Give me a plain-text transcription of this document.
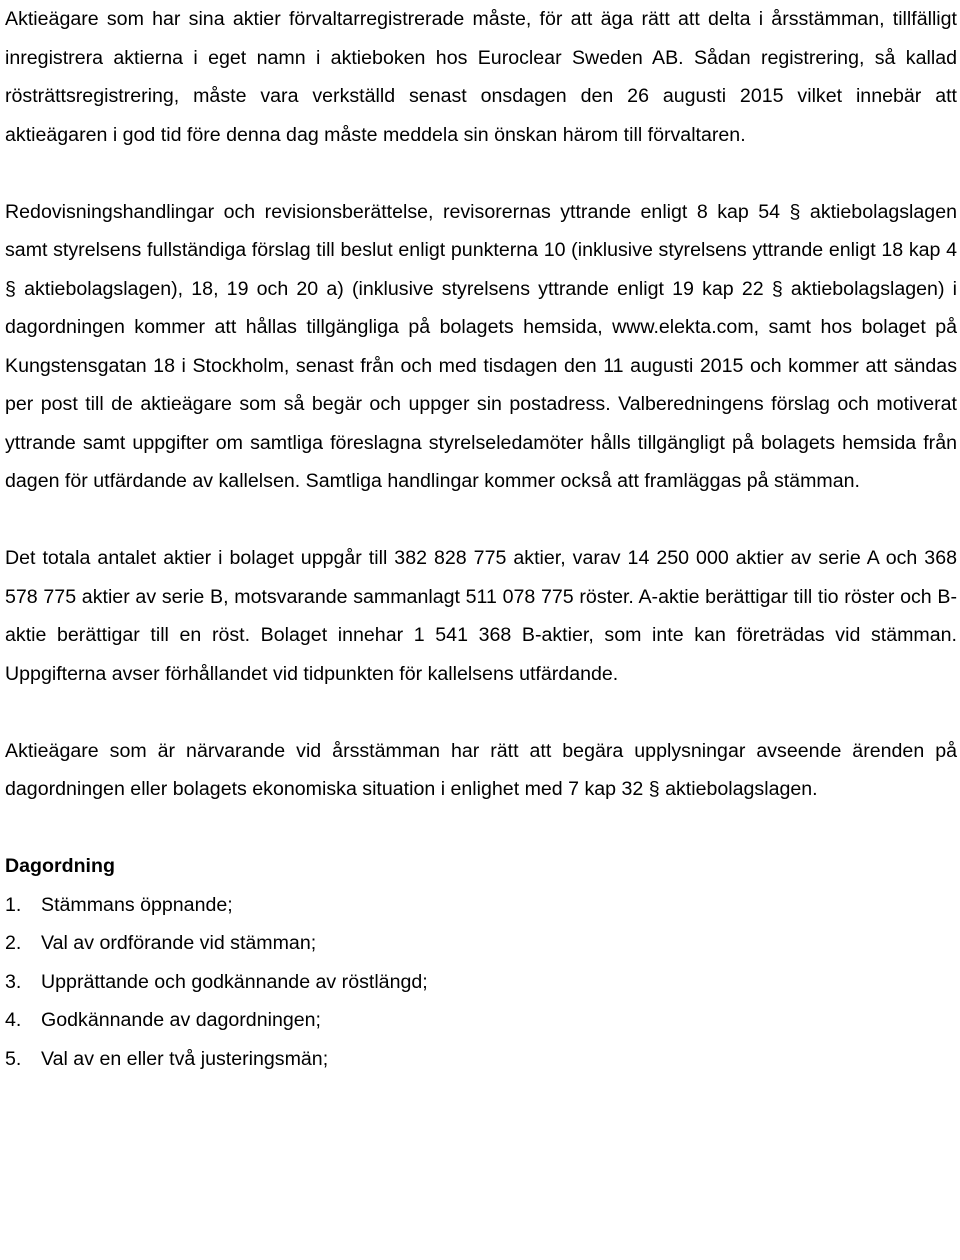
Aktieägare som har sina aktier förvaltarregistrerade måste, för att äga rätt att delta i årsstämman, tillfälligt inregistrera aktierna i eget namn i aktieboken hos Euroclear Sweden AB. Sådan registrering, så kallad rösträttsregistrering, måste vara verkställd senast onsdagen den 26 augusti 2015 vilket innebär att aktieägaren i god tid före denna dag måste meddela sin önskan härom till förvaltaren.

Redovisningshandlingar och revisionsberättelse, revisorernas yttrande enligt 8 kap 54 § aktiebolagslagen samt styrelsens fullständiga förslag till beslut enligt punkterna 10 (inklusive styrelsens yttrande enligt 18 kap 4 § aktiebolagslagen), 18, 19 och 20 a) (inklusive styrelsens yttrande enligt 19 kap 22 § aktiebolagslagen) i dagordningen kommer att hållas tillgängliga på bolagets hemsida, www.elekta.com, samt hos bolaget på Kungstensgatan 18 i Stockholm, senast från och med tisdagen den 11 augusti 2015 och kommer att sändas per post till de aktieägare som så begär och uppger sin postadress. Valberedningens förslag och motiverat yttrande samt uppgifter om samtliga föreslagna styrelseledamöter hålls tillgängligt på bolagets hemsida från dagen för utfärdande av kallelsen. Samtliga handlingar kommer också att framläggas på stämman.

Det totala antalet aktier i bolaget uppgår till 382 828 775 aktier, varav 14 250 000 aktier av serie A och 368 578 775 aktier av serie B, motsvarande sammanlagt 511 078 775 röster. A-aktie berättigar till tio röster och B-aktie berättigar till en röst. Bolaget innehar 1 541 368 B-aktier, som inte kan företrädas vid stämman. Uppgifterna avser förhållandet vid tidpunkten för kallelsens utfärdande.

Aktieägare som är närvarande vid årsstämman har rätt att begära upplysningar avseende ärenden på dagordningen eller bolagets ekonomiska situation i enlighet med 7 kap 32 § aktiebolagslagen.

Dagordning

1.	Stämmans öppnande;
2.	Val av ordförande vid stämman;
3.	Upprättande och godkännande av röstlängd;
4.	Godkännande av dagordningen;
5.	Val av en eller två justeringsmän;
